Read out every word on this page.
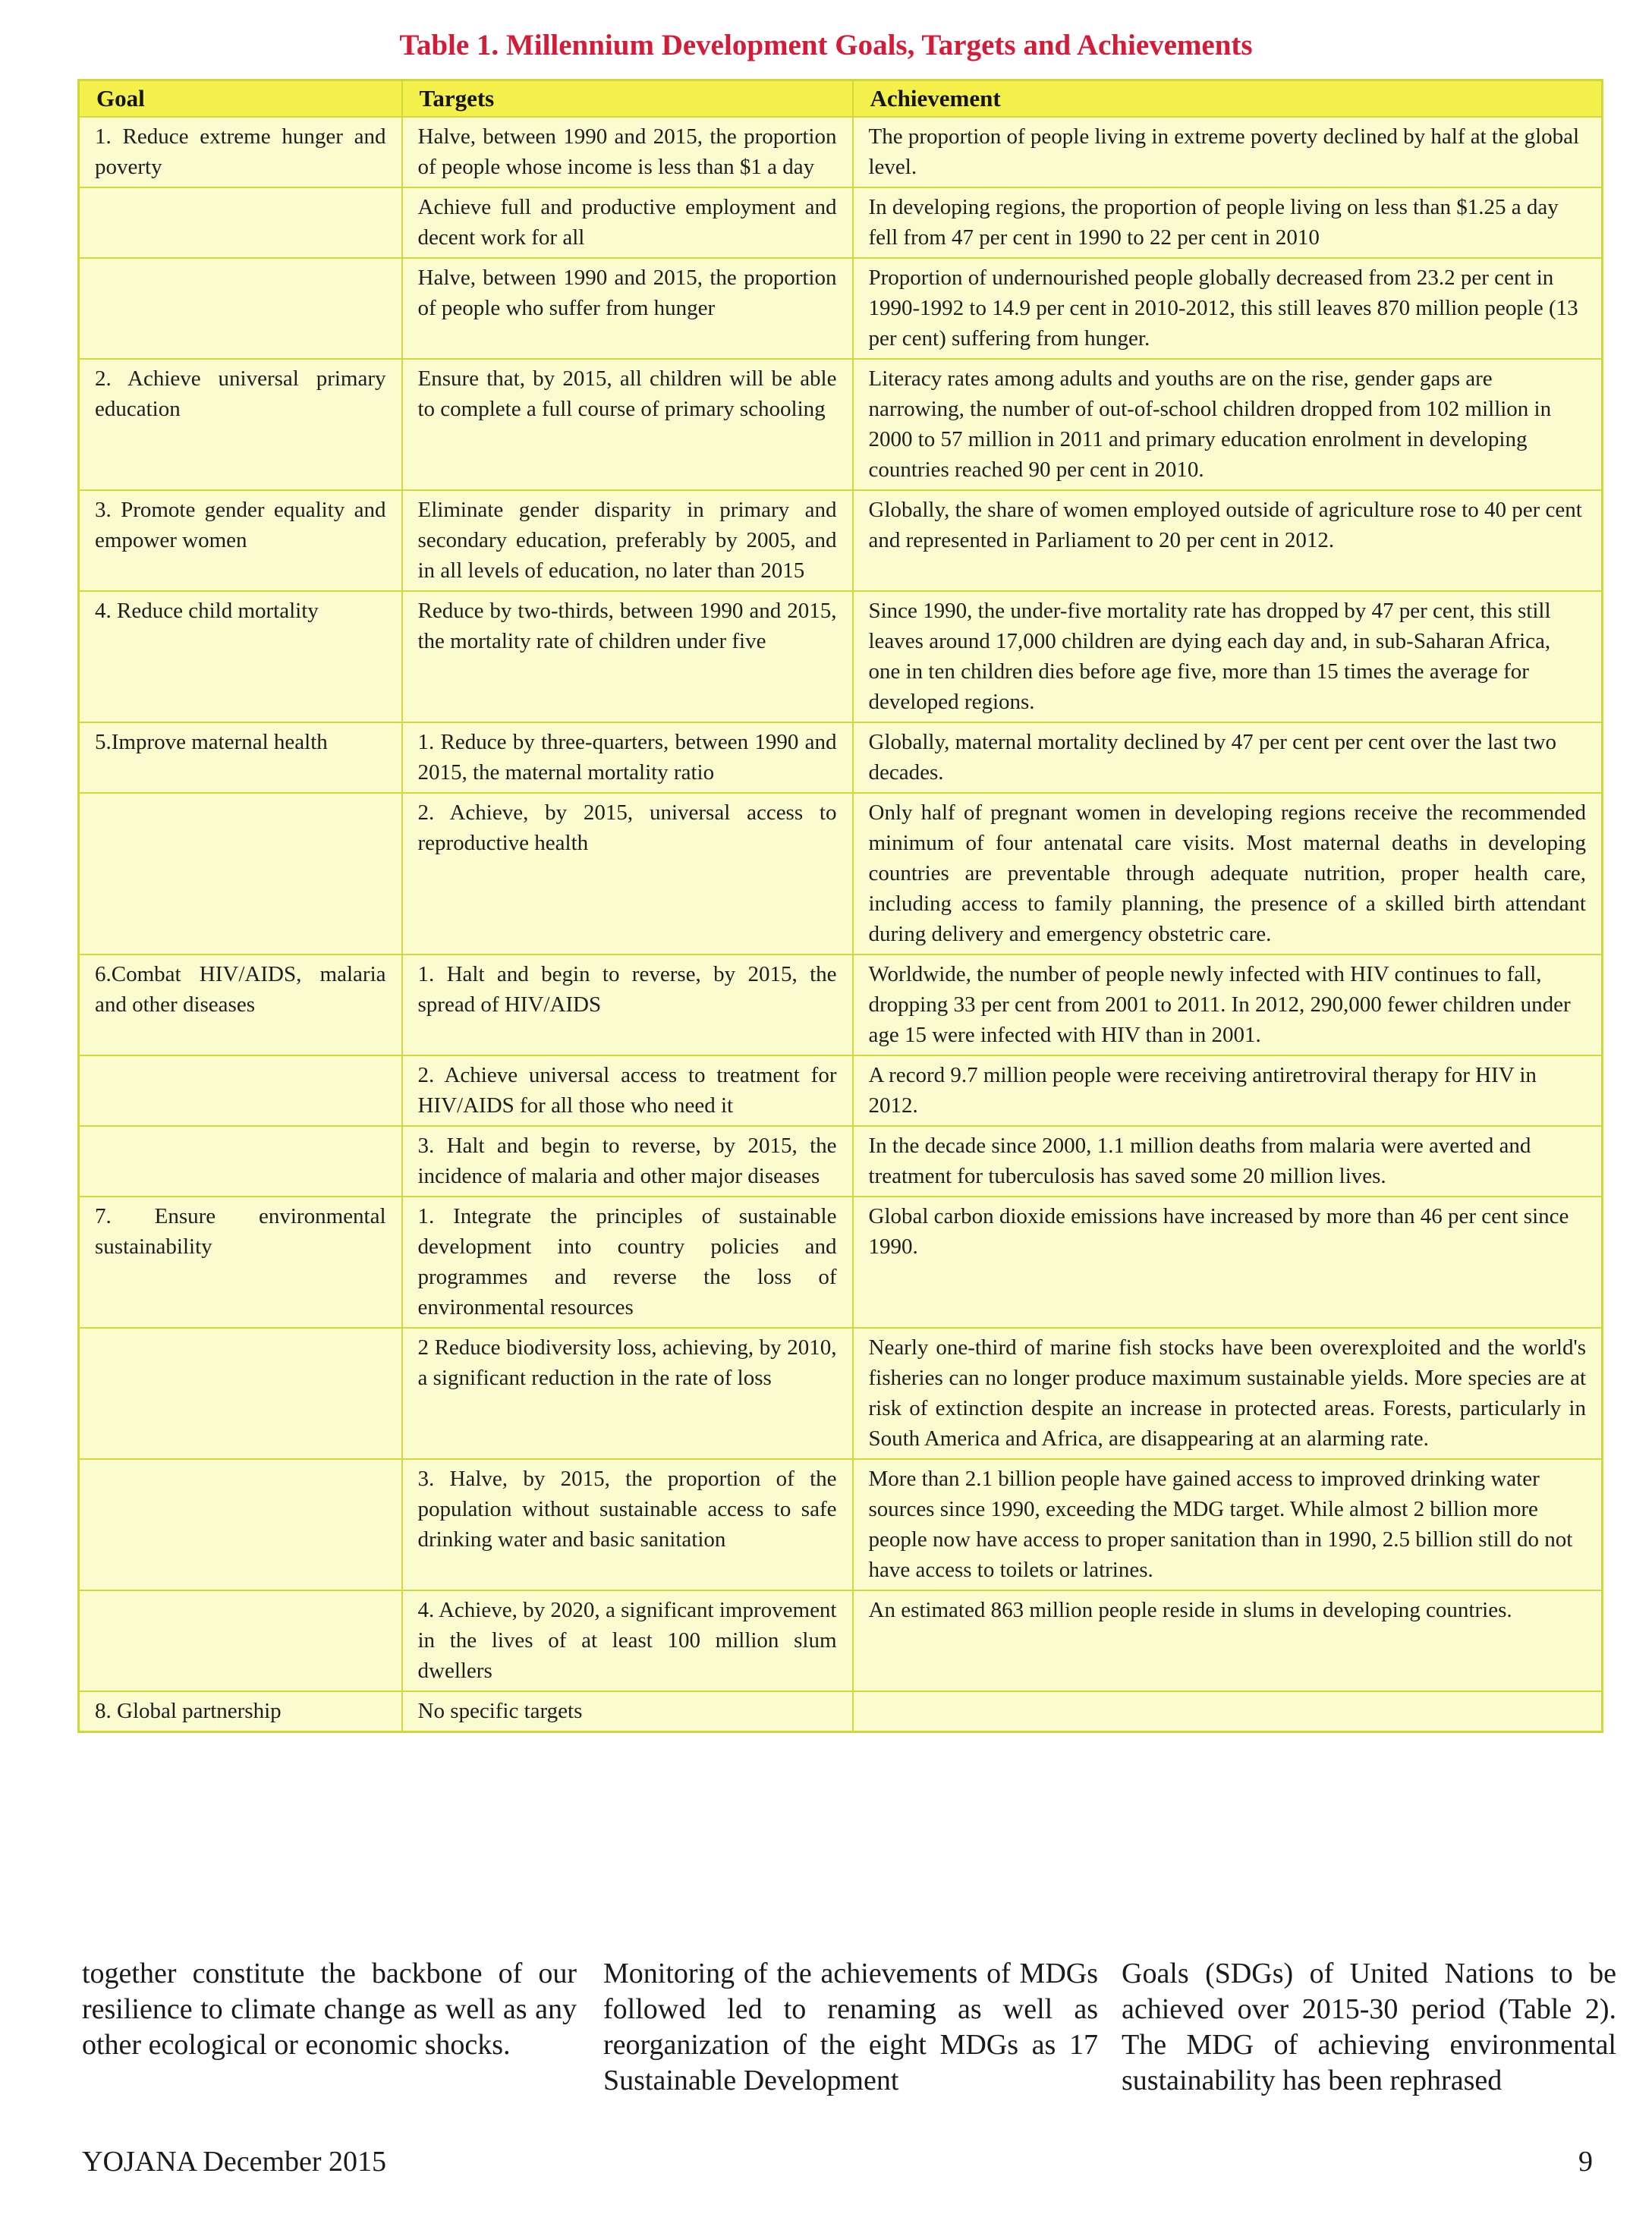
Table 1. Millennium Development Goals, Targets and Achievements
Goal	Targets	Achievement
1. Reduce extreme hunger and poverty	Halve, between 1990 and 2015, the proportion of people whose income is less than $1 a day	The proportion of people living in extreme poverty declined by half at the global level.
	Achieve full and productive employment and decent work for all	In developing regions, the proportion of people living on less than $1.25 a day fell from 47 per cent in 1990 to 22 per cent in 2010
	Halve, between 1990 and 2015, the proportion of people who suffer from hunger	Proportion of undernourished people globally decreased from 23.2 per cent in 1990-1992 to 14.9 per cent in 2010-2012, this still leaves 870 million people (13 per cent) suffering from hunger.
2. Achieve universal primary education	Ensure that, by 2015, all children will be able to complete a full course of primary schooling	Literacy rates among adults and youths are on the rise, gender gaps are narrowing, the number of out-of-school children dropped from 102 million in 2000 to 57 million in 2011 and primary education enrolment in developing countries reached 90 per cent in 2010.
3. Promote gender equality and empower women	Eliminate gender disparity in primary and secondary education, preferably by 2005, and in all levels of education, no later than 2015	Globally, the share of women employed outside of agriculture rose to 40 per cent and represented in Parliament to 20 per cent in 2012.
4. Reduce child mortality	Reduce by two-thirds, between 1990 and 2015, the mortality rate of children under five	Since 1990, the under-five mortality rate has dropped by 47 per cent, this still leaves around 17,000 children are dying each day and, in sub-Saharan Africa, one in ten children dies before age five, more than 15 times the average for developed regions.
5.Improve maternal health	1. Reduce by three-quarters, between 1990 and 2015, the maternal mortality ratio	Globally, maternal mortality declined by 47 per cent per cent over the last two decades.
	2. Achieve, by 2015, universal access to reproductive health	Only half of pregnant women in developing regions receive the recommended minimum of four antenatal care visits. Most maternal deaths in developing countries are preventable through adequate nutrition, proper health care, including access to family planning, the presence of a skilled birth attendant during delivery and emergency obstetric care.
6.Combat HIV/AIDS, malaria and other diseases	1. Halt and begin to reverse, by 2015, the spread of HIV/AIDS	Worldwide, the number of people newly infected with HIV continues to fall, dropping 33 per cent from 2001 to 2011. In 2012, 290,000 fewer children under age 15 were infected with HIV than in 2001.
	2. Achieve universal access to treatment for HIV/AIDS for all those who need it	A record 9.7 million people were receiving antiretroviral therapy for HIV in 2012.
	3. Halt and begin to reverse, by 2015, the incidence of malaria and other major diseases	In the decade since 2000, 1.1 million deaths from malaria were averted and treatment for tuberculosis has saved some 20 million lives.
7. Ensure environmental sustainability	1. Integrate the principles of sustainable development into country policies and programmes and reverse the loss of environmental resources	Global carbon dioxide emissions have increased by more than 46 per cent since 1990.
	2 Reduce biodiversity loss, achieving, by 2010, a significant reduction in the rate of loss	Nearly one-third of marine fish stocks have been overexploited and the world's fisheries can no longer produce maximum sustainable yields. More species are at risk of extinction despite an increase in protected areas. Forests, particularly in South America and Africa, are disappearing at an alarming rate.
	3. Halve, by 2015, the proportion of the population without sustainable access to safe drinking water and basic sanitation	More than 2.1 billion people have gained access to improved drinking water sources since 1990, exceeding the MDG target. While almost 2 billion more people now have access to proper sanitation than in 1990, 2.5 billion still do not have access to toilets or latrines.
	4. Achieve, by 2020, a significant improvement in the lives of at least 100 million slum dwellers	An estimated 863 million people reside in slums in developing countries.
8. Global partnership	No specific targets	
together constitute the backbone of our resilience to climate change as well as any other ecological or economic shocks.
Monitoring of the achievements of MDGs followed led to renaming as well as reorganization of the eight MDGs as 17 Sustainable Development
Goals (SDGs) of United Nations to be achieved over 2015-30 period (Table 2). The MDG of achieving environmental sustainability has been rephrased
YOJANA December 2015	9
